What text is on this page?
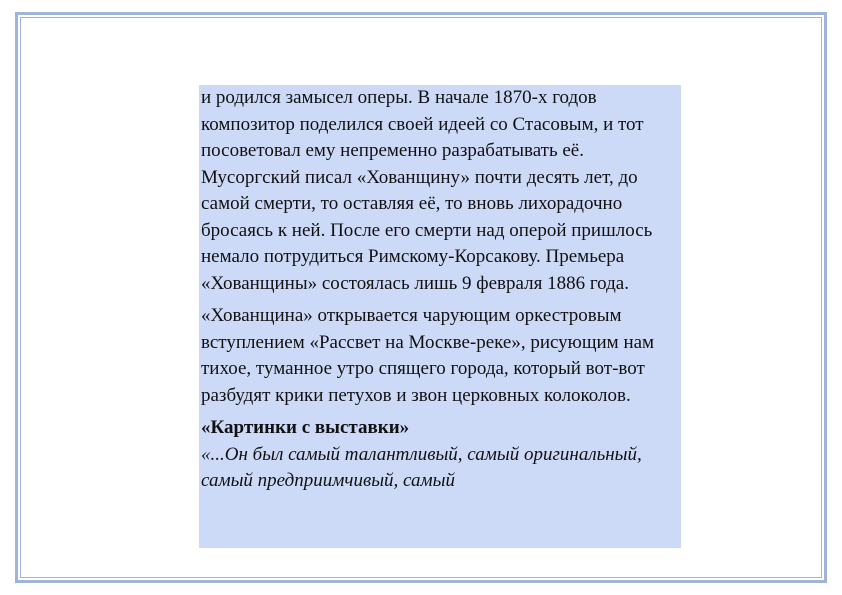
и родился замысел оперы. В начале 1870-х годов композитор поделился своей идеей со Стасовым, и тот посоветовал ему непременно разрабатывать её. Мусоргский писал «Хованщину» почти десять лет, до самой смерти, то оставляя её, то вновь лихорадочно бросаясь к ней. После его смерти над оперой пришлось немало потрудиться Римскому-Корсакову. Премьера «Хованщины» состоялась лишь 9 февраля 1886 года.

«Хованщина» открывается чарующим оркестровым вступлением «Рассвет на Москве-реке», рисующим нам тихое, туманное утро спящего города, который вот-вот разбудят крики петухов и звон церковных колоколов.

«Картинки с выставки»
«...Он был самый талантливый, самый оригинальный, самый предприимчивый, самый
